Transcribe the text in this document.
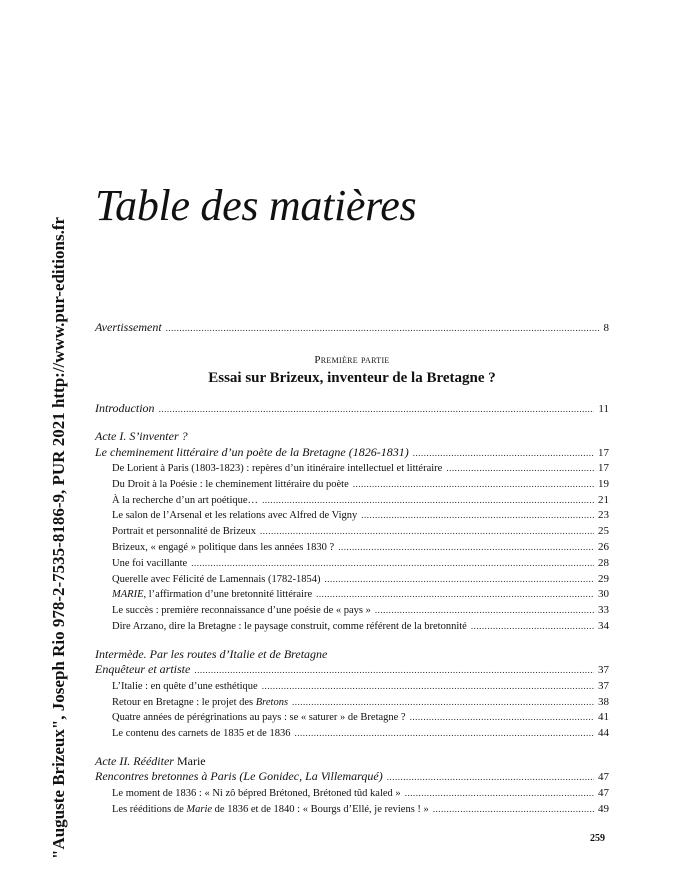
Table des matières
Avertissement .....	8
Première partie
Essai sur Brizeux, inventeur de la Bretagne ?
Introduction .....	11
Acte I. S’inventer ?
Le cheminement littéraire d’un poète de la Bretagne (1826-1831) .....	17
De Lorient à Paris (1803-1823) : repères d’un itinéraire intellectuel et littéraire .....	17
Du Droit à la Poésie : le cheminement littéraire du poète .....	19
À la recherche d’un art poétique… .....	21
Le salon de l’Arsenal et les relations avec Alfred de Vigny .....	23
Portrait et personnalité de Brizeux .....	25
Brizeux, « engagé » politique dans les années 1830 ? .....	26
Une foi vacillante .....	28
Querelle avec Félicité de Lamennais (1782-1854) .....	29
MARIE, l’affirmation d’une bretonnité littéraire .....	30
Le succès : première reconnaissance d’une poésie de « pays » .....	33
Dire Arzano, dire la Bretagne : le paysage construit, comme référent de la bretonnité .....	34
Intermède. Par les routes d’Italie et de Bretagne
Enquêteur et artiste .....	37
L’Italie : en quête d’une esthétique .....	37
Retour en Bretagne : le projet des Bretons .....	38
Quatre années de pérégrinations au pays : se « saturer » de Bretagne ? .....	41
Le contenu des carnets de 1835 et de 1836 .....	44
Acte II. Rééditer Marie
Rencontres bretonnes à Paris (Le Gonidec, La Villemarqué) .....	47
Le moment de 1836 : « Ni zô bépred Brétoned, Brétoned tûd kaled » .....	47
Les rééditions de Marie de 1836 et de 1840 : « Bourgs d’Ellé, je reviens ! » .....	49
"Auguste Brizeux", Joseph Rio 978-2-7535-8186-9, PUR 2021 http://www.pur-editions.fr	259
